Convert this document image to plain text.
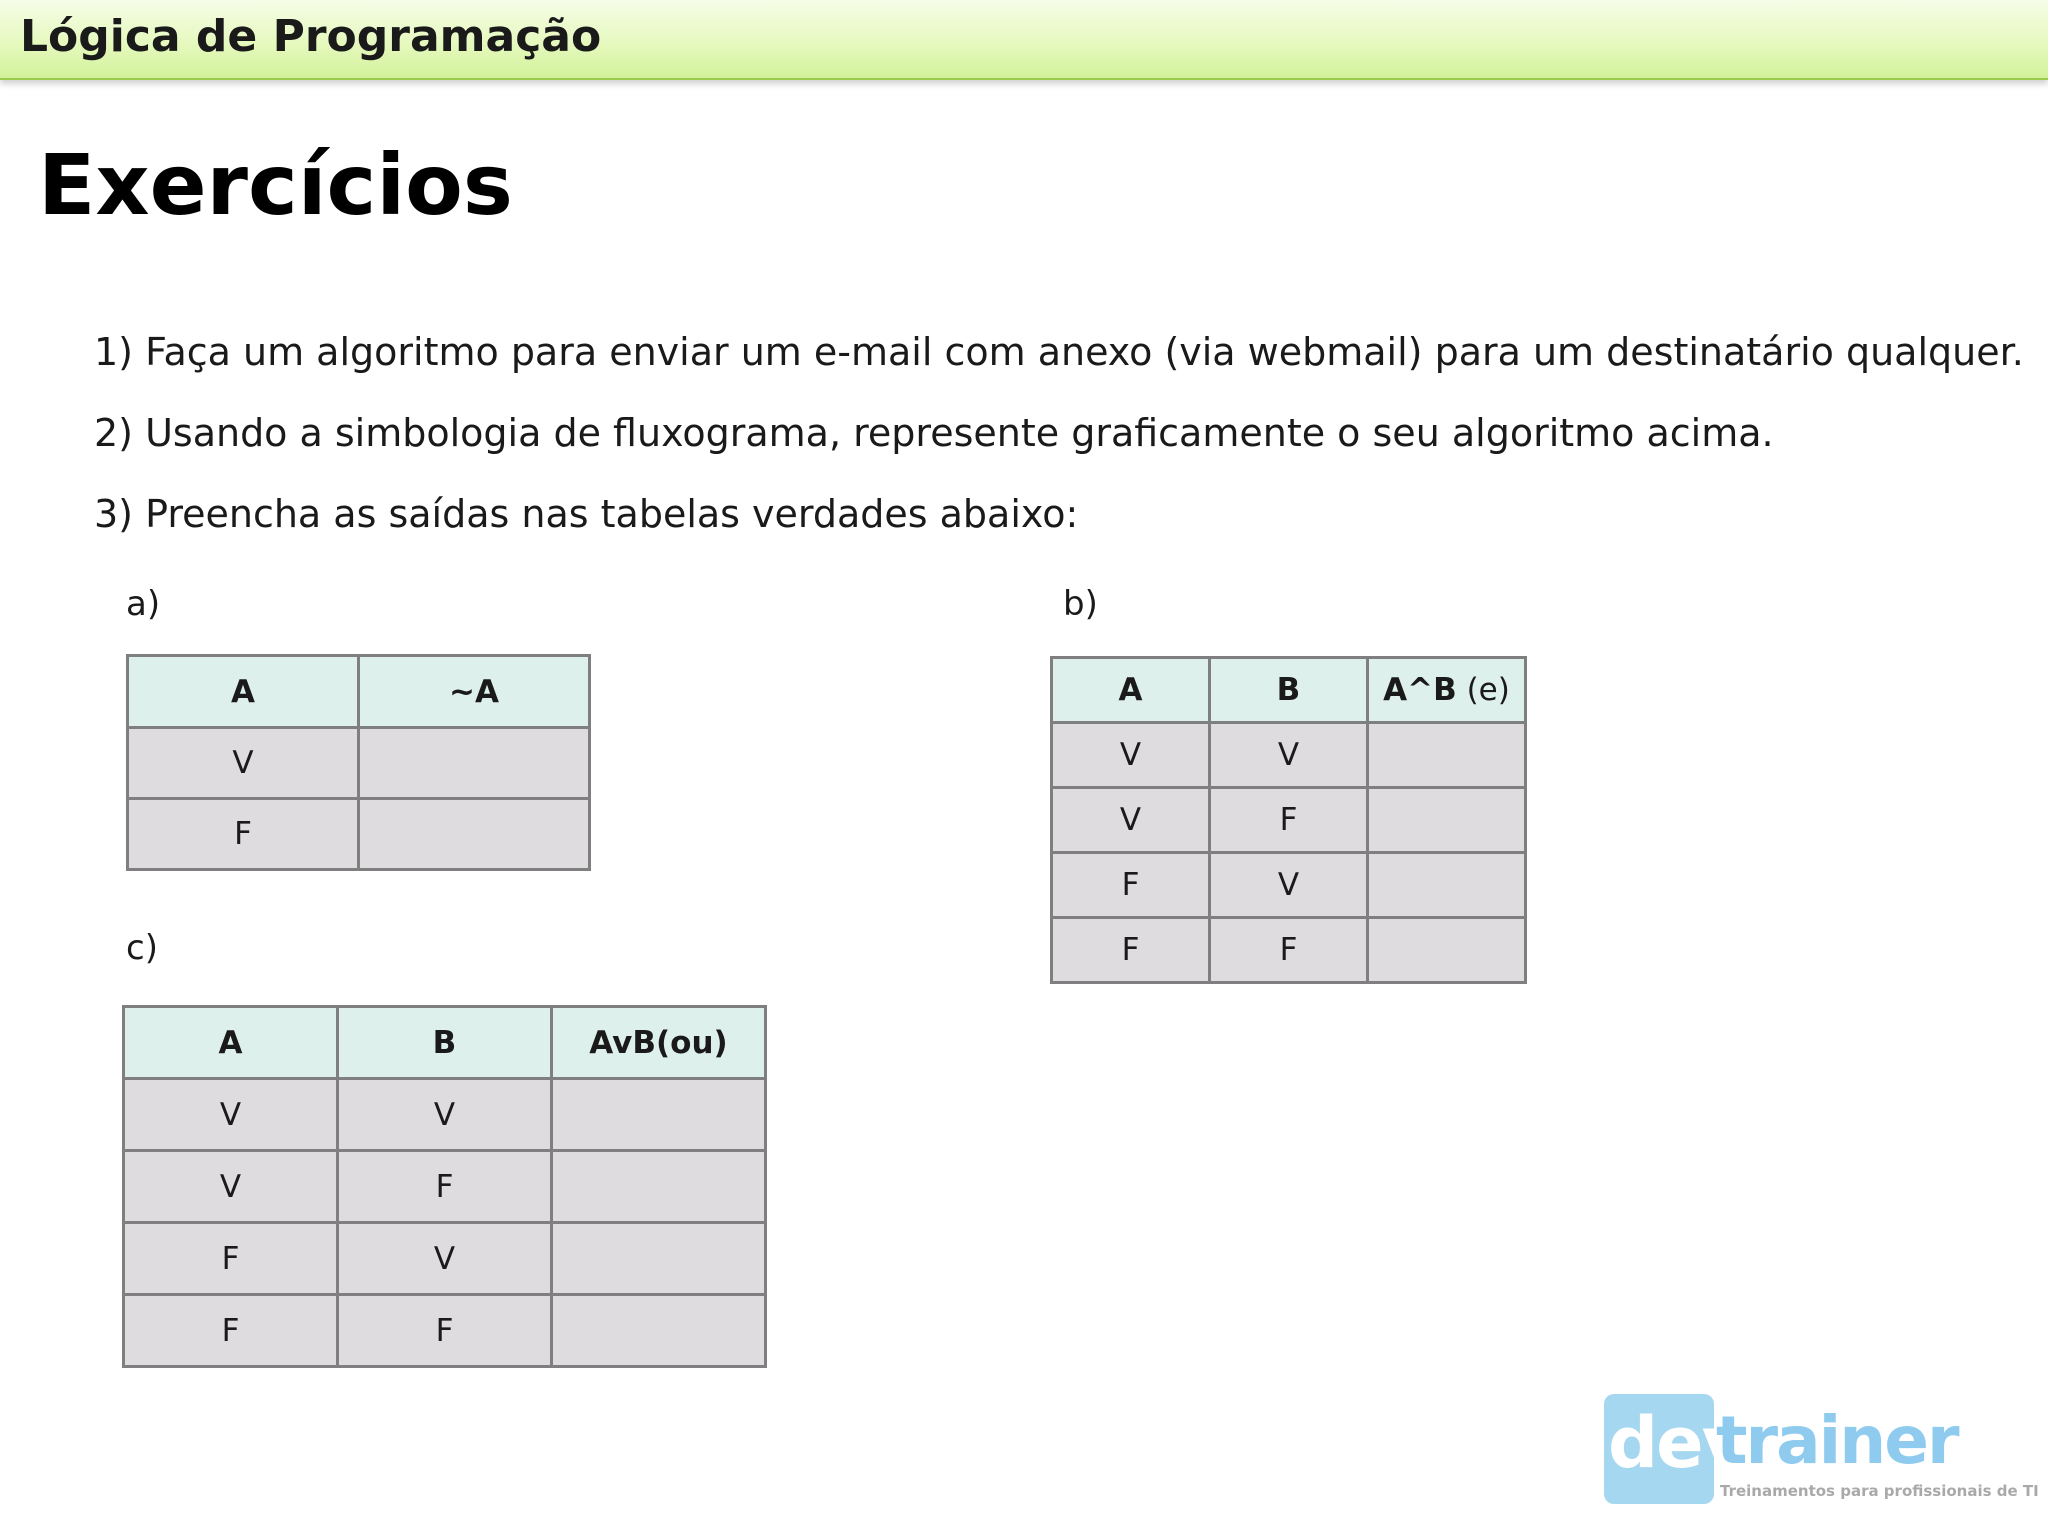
Lógica de Programação
Exercícios
1) Faça um algoritmo para enviar um e-mail com anexo (via webmail) para um destinatário qualquer.
2) Usando a simbologia de fluxograma, represente graficamente o seu algoritmo acima.
3) Preencha as saídas nas tabelas verdades abaixo:
a)
A	~A
V	
F	
b)
A	B	A^B (e)
V	V	
V	F	
F	V	
F	F	
c)
A	B	AvB(ou)
V	V	
V	F	
F	V	
F	F	
dev
trainer
Treinamentos para profissionais de TI
